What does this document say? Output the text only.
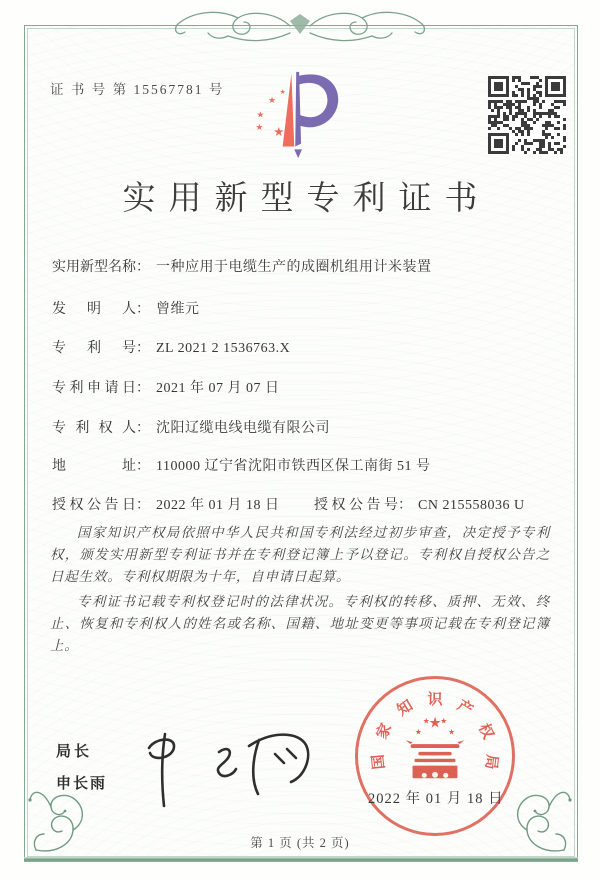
证 书 号 第 15567781 号	★
★
★
★ ★
实用新型专利证书
实用新型名称： 一种应用于电缆生产的成圈机组用计米装置
发明人： 曾维元
专利号： ZL 2021 2 1536763.X
专利申请日： 2021 年 07 月 07 日
专利权人： 沈阳辽缆电线电缆有限公司
地址： 110000 辽宁省沈阳市铁西区保工南街 51 号
授权公告日： 2022 年 01 月 18 日	授权公告号： CN 215558036 U

国家知识产权局依照中华人民共和国专利法经过初步审查，决定授予专利权，颁发实用新型专利证书并在专利登记簿上予以登记。专利权自授权公告之日起生效。专利权期限为十年，自申请日起算。

专利证书记载专利权登记时的法律状况。专利权的转移、质押、无效、终止、恢复和专利权人的姓名或名称、国籍、地址变更等事项记载在专利登记簿上。

局长
申长雨
国
家
知 识 产
权
局
★
★
★ ★
★
2022 年 01 月 18 日
第 1 页 (共 2 页)
